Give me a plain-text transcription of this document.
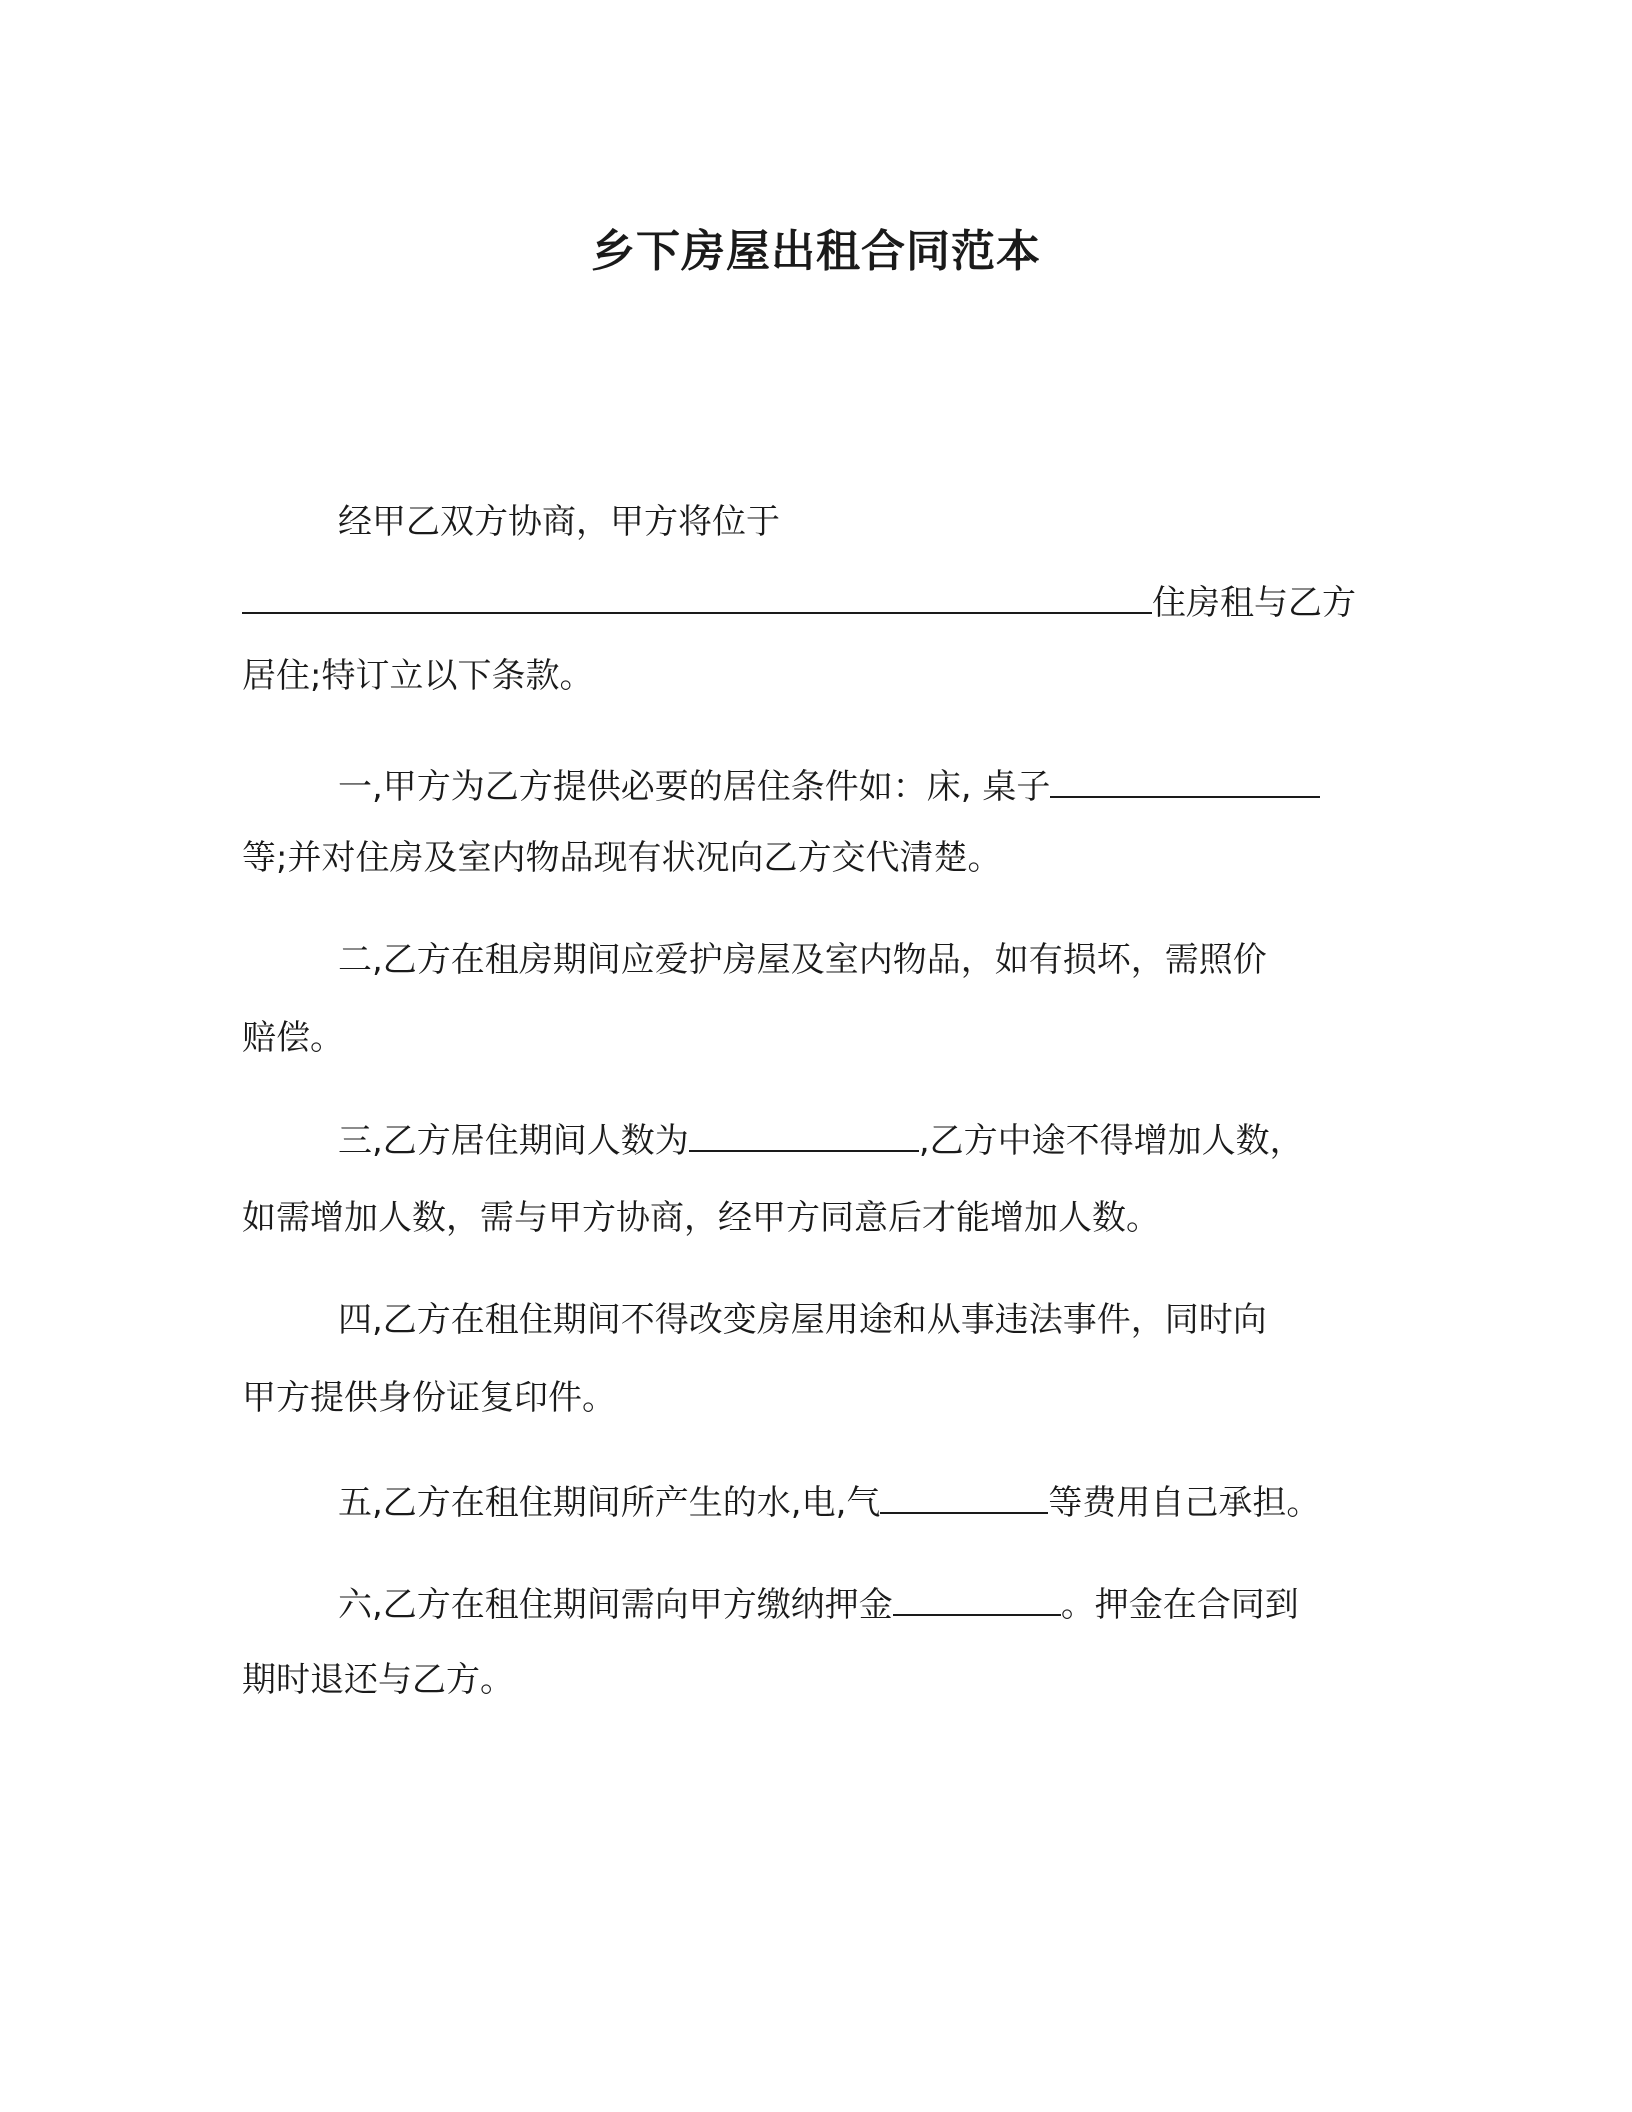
乡下房屋出租合同范本
经甲乙双方协商，甲方将位于
住房租与乙方
居住;特订立以下条款。
一,甲方为乙方提供必要的居住条件如：床, 桌子
等;并对住房及室内物品现有状况向乙方交代清楚。
二,乙方在租房期间应爱护房屋及室内物品，如有损坏，需照价
赔偿。
三,乙方居住期间人数为	,乙方中途不得增加人数，
如需增加人数，需与甲方协商，经甲方同意后才能增加人数。
四,乙方在租住期间不得改变房屋用途和从事违法事件，同时向
甲方提供身份证复印件。
五,乙方在租住期间所产生的水,电,气	等费用自己承担。
六,乙方在租住期间需向甲方缴纳押金	。押金在合同到
期时退还与乙方。
